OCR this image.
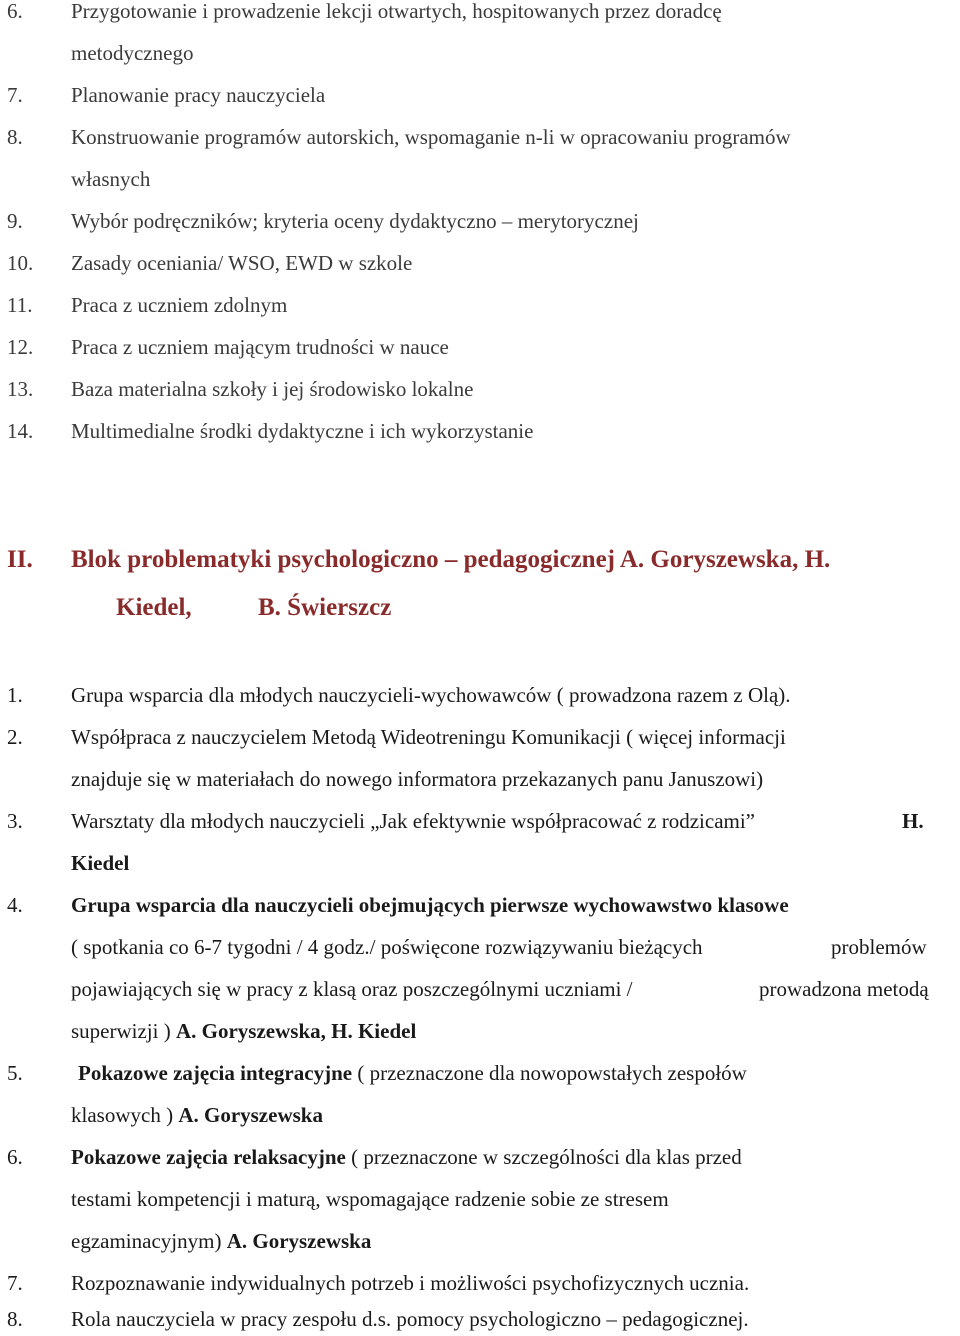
6. Przygotowanie i prowadzenie lekcji otwartych, hospitowanych przez doradcę
metodycznego
7. Planowanie pracy nauczyciela
8. Konstruowanie programów autorskich, wspomaganie n-li w opracowaniu programów
własnych
9. Wybór podręczników; kryteria oceny dydaktyczno – merytorycznej
10. Zasady oceniania/ WSO, EWD w szkole
11. Praca z uczniem zdolnym
12. Praca z uczniem mającym trudności w nauce
13. Baza materialna szkoły i jej środowisko lokalne
14. Multimedialne środki dydaktyczne i ich wykorzystanie
II. Blok problematyki psychologiczno – pedagogicznej A. Goryszewska, H.
Kiedel,	B. Świerszcz
1. Grupa wsparcia dla młodych nauczycieli-wychowawców ( prowadzona razem z Olą).
2. Współpraca z nauczycielem Metodą Wideotreningu Komunikacji ( więcej informacji
znajduje się w materiałach do nowego informatora przekazanych panu Januszowi)
3. Warsztaty dla młodych nauczycieli „Jak efektywnie współpracować z rodzicami”	H.
Kiedel
4. Grupa wsparcia dla nauczycieli obejmujących pierwsze wychowawstwo klasowe
( spotkania co 6-7 tygodni / 4 godz./ poświęcone rozwiązywaniu bieżących	problemów
pojawiających się w pracy z klasą oraz poszczególnymi uczniami /	prowadzona metodą
superwizji ) A. Goryszewska, H. Kiedel
5.	Pokazowe zajęcia integracyjne ( przeznaczone dla nowopowstałych zespołów
klasowych ) A. Goryszewska
6. Pokazowe zajęcia relaksacyjne ( przeznaczone w szczególności dla klas przed
testami kompetencji i maturą, wspomagające radzenie sobie ze stresem
egzaminacyjnym) A. Goryszewska
7. Rozpoznawanie indywidualnych potrzeb i możliwości psychofizycznych ucznia.
8. Rola nauczyciela w pracy zespołu d.s. pomocy psychologiczno – pedagogicznej.
